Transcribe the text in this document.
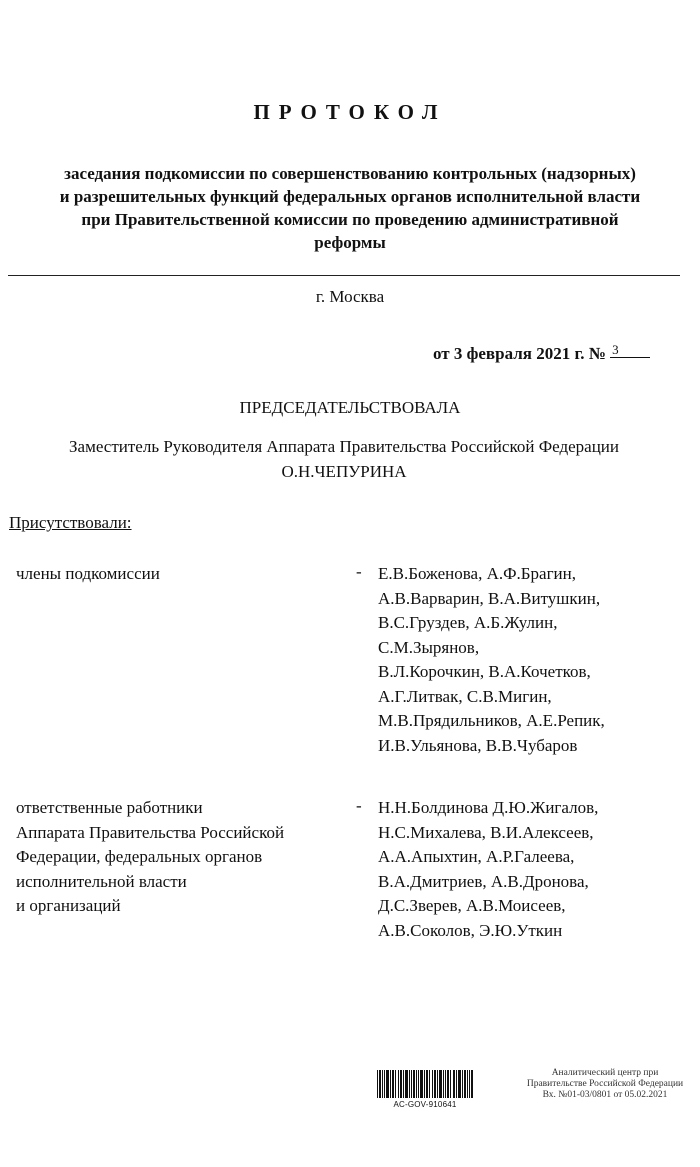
ПРОТОКОЛ
заседания подкомиссии по совершенствованию контрольных (надзорных)
и разрешительных функций федеральных органов исполнительной власти
при Правительственной комиссии по проведению административной
реформы
г. Москва
от 3 февраля 2021 г. № 3
ПРЕДСЕДАТЕЛЬСТВОВАЛА
Заместитель Руководителя Аппарата Правительства Российской Федерации
О.Н.ЧЕПУРИНА
Присутствовали:
члены подкомиссии	- Е.В.Боженова, А.Ф.Брагин,
А.В.Варварин, В.А.Витушкин,
В.С.Груздев, А.Б.Жулин,
С.М.Зырянов,
В.Л.Корочкин, В.А.Кочетков,
А.Г.Литвак, С.В.Мигин,
М.В.Прядильников, А.Е.Репик,
И.В.Ульянова, В.В.Чубаров
ответственные работники
Аппарата Правительства Российской
Федерации, федеральных органов
исполнительной власти
и организаций
- Н.Н.Болдинова Д.Ю.Жигалов,
Н.С.Михалева, В.И.Алексеев,
А.А.Апыхтин, А.Р.Галеева,
В.А.Дмитриев, А.В.Дронова,
Д.С.Зверев, А.В.Моисеев,
А.В.Соколов, Э.Ю.Уткин
AC-GOV-910641
Аналитический центр при
Правительстве Российской Федерации
Вх. №01-03/0801 от 05.02.2021
